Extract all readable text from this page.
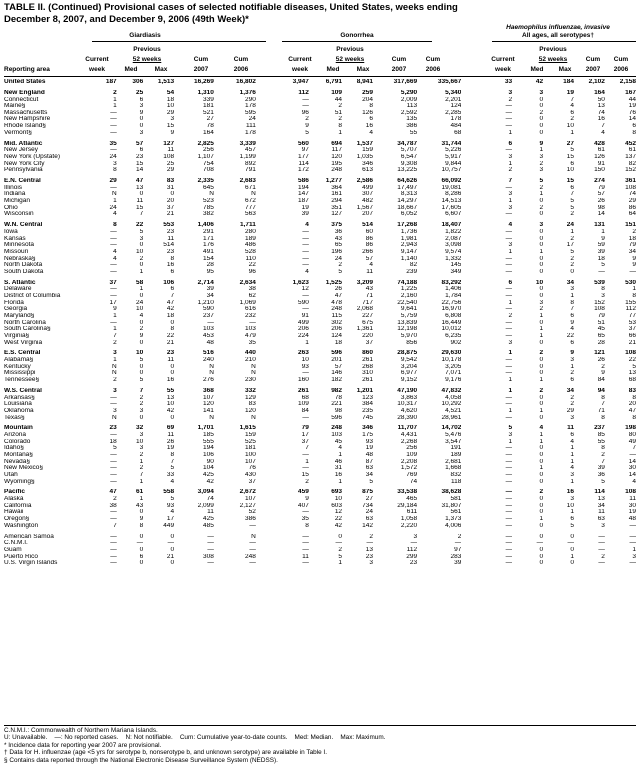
TABLE II. (Continued) Provisional cases of selected notifiable diseases, United States, weeks ending December 8, 2007, and December 9, 2006 (49th Week)*
Giardiasis	Gonorrhea
Haemophilus influenzae, invasive
All ages, all serotypes†
Previous	Previous	Previous
Current	52 weeks	Cum	Cum	Current	52 weeks	Cum	Cum	Current	52 weeks	Cum	Cum
Reporting area	week	Med	Max	2007	2006	week	Med	Max	2007	2006	week	Med	Max	2007	2006
United States	187	306	1,513	16,269	16,802	3,947	6,791	8,941	317,669	335,667	33	42	184	2,102	2,158

New England	2	25	54	1,310	1,376	112	109	259	5,290	5,340	3	3	19	164	167
Connecticut	1	6	18	339	290	—	44	204	2,009	2,201	2	0	7	50	44
Maine§	1	3	10	181	178	—	2	8	113	124	—	0	4	13	19
Massachusetts	—	9	29	521	595	96	51	126	2,592	2,285	—	2	6	74	76
New Hampshire	—	0	3	27	24	2	2	6	135	178	—	0	2	16	14
Rhode Island§	—	0	15	78	111	9	8	16	386	484	—	0	10	7	6
Vermont§	—	3	9	164	178	5	1	4	55	68	1	0	1	4	8

Mid. Atlantic	35	57	127	2,825	3,339	560	694	1,537	34,787	31,744	6	9	27	428	452
New Jersey	—	6	11	256	457	97	117	159	5,707	5,226	—	1	5	61	61
New York (Upstate)	24	23	108	1,107	1,199	177	120	1,035	6,547	5,917	3	3	15	126	137
New York City	3	15	25	754	892	114	195	346	9,308	9,844	1	2	6	91	82
Pennsylvania	8	14	29	708	791	172	248	613	13,225	10,757	2	3	10	150	152

E.N. Central	29	47	83	2,335	2,683	586	1,277	2,586	64,626	66,092	7	5	15	274	361
Illinois	—	13	31	645	671	194	364	499	17,497	19,081	—	2	6	79	108
Indiana	N	0	0	N	N	147	161	307	8,313	8,286	3	1	7	57	74
Michigan	1	11	20	523	672	187	294	482	14,297	14,513	1	0	5	26	29
Ohio	24	15	37	785	777	19	351	1,567	18,667	17,605	3	2	5	98	86
Wisconsin	4	7	21	382	563	39	127	207	6,052	6,607	—	0	2	14	64

W.N. Central	8	22	553	1,406	1,711	4	375	514	17,268	18,407	4	3	24	131	151
Iowa	—	5	23	291	280	—	36	60	1,736	1,822	—	0	1	1	2
Kansas	—	3	11	171	189	—	43	86	1,981	2,087	—	0	2	9	18
Minnesota	—	0	514	176	486	—	65	86	2,943	3,098	3	0	17	59	79
Missouri	4	10	23	491	528	—	196	266	9,147	9,574	1	1	5	39	34
Nebraska§	4	2	8	154	110	—	24	57	1,140	1,332	—	0	2	18	9
North Dakota	—	0	16	28	22	—	2	4	82	145	—	0	2	5	9
South Dakota	—	1	6	95	96	4	5	11	239	349	—	0	0	—	—

S. Atlantic	37	58	106	2,714	2,634	1,623	1,525	3,209	74,188	83,292	6	10	34	539	530
Delaware	—	1	6	39	38	12	26	43	1,225	1,406	—	0	3	8	1
District of Columbia	—	0	7	34	62	—	47	71	2,160	1,784	—	0	1	3	8
Florida	17	24	47	1,210	1,069	590	478	717	22,540	22,756	1	3	8	152	155
Georgia	9	10	42	590	616	—	248	2,068	9,641	16,970	—	2	7	108	112
Maryland§	1	4	18	237	232	91	115	227	5,759	6,808	2	1	6	79	77
North Carolina	—	0	0	—	—	499	302	675	13,839	16,449	—	0	9	51	53
South Carolina§	1	2	8	103	103	206	206	1,361	12,198	10,012	—	1	4	45	37
Virginia§	7	9	22	453	479	224	124	220	5,970	6,235	—	1	22	65	66
West Virginia	2	0	21	48	35	1	18	37	856	902	3	0	6	28	21

E.S. Central	3	10	23	516	440	263	596	860	28,875	29,630	1	2	9	121	108
Alabama§	1	5	11	240	210	10	201	261	9,542	10,178	—	0	3	26	22
Kentucky	N	0	0	N	N	93	57	268	3,204	3,205	—	0	1	2	5
Mississippi	N	0	0	N	N	—	146	310	6,977	7,071	—	0	2	9	13
Tennessee§	2	5	16	276	230	160	182	261	9,152	9,176	1	1	6	84	68

W.S. Central	3	7	55	368	332	261	982	1,201	47,190	47,832	1	2	34	94	83
Arkansas§	—	2	13	107	129	68	78	123	3,863	4,058	—	0	2	8	8
Louisiana	—	2	10	120	83	109	221	384	10,317	10,292	—	0	2	7	20
Oklahoma	3	3	42	141	120	84	98	235	4,620	4,521	1	1	29	71	47
Texas§	N	0	0	N	N	—	596	745	28,390	28,961	—	0	3	8	8

Mountain	23	32	69	1,701	1,615	79	248	346	11,707	14,702	5	4	11	237	198
Arizona	—	3	11	185	159	17	103	175	4,431	5,476	3	1	6	85	80
Colorado	18	10	26	555	525	37	45	93	2,268	3,547	1	1	4	55	49
Idaho§	5	3	19	194	181	7	4	19	256	191	—	0	1	8	7
Montana§	—	2	8	106	100	—	1	48	109	189	—	0	1	2	—
Nevada§	—	1	7	90	107	1	46	87	2,208	2,681	—	0	1	7	14
New Mexico§	—	2	5	104	76	—	31	63	1,572	1,668	—	1	4	39	30
Utah	—	7	33	425	430	15	16	34	769	832	—	0	3	36	14
Wyoming§	—	1	4	42	37	2	1	5	74	118	—	0	1	5	4

Pacific	47	61	558	3,094	2,672	459	693	875	33,538	38,628	—	2	16	114	108
Alaska	2	1	5	74	107	9	10	27	465	581	—	0	3	13	11
California	38	43	93	2,099	2,127	407	603	734	29,184	31,807	—	0	10	34	30
Hawaii	—	0	4	11	52	—	12	24	611	561	—	0	1	11	19
Oregon§	—	9	17	425	386	35	22	63	1,058	1,373	—	1	6	63	48
Washington	7	8	449	485	—	8	42	142	2,220	4,006	—	0	5	3	—

American Samoa	—	0	0	—	N	—	0	2	3	2	—	0	0	—	—
C.N.M.I.	—	—	—	—	—	—	—	—	—	—	—	—	—	—	—
Guam	—	0	0	—	—	—	2	13	112	97	—	0	0	—	1
Puerto Rico	—	6	21	308	248	11	5	23	299	283	—	0	1	2	3
U.S. Virgin Islands	—	0	0	—	—	—	1	3	23	39	—	0	0	—	—
C.N.M.I.: Commonwealth of Northern Mariana Islands.
U: Unavailable.    —: No reported cases.    N: Not notifiable.    Cum: Cumulative year-to-date counts.    Med: Median.    Max: Maximum.
* Incidence data for reporting year 2007 are provisional.
† Data for H. influenzae (age <5 yrs for serotype b, nonserotype b, and unknown serotype) are available in Table I.
§ Contains data reported through the National Electronic Disease Surveillance System (NEDSS).
